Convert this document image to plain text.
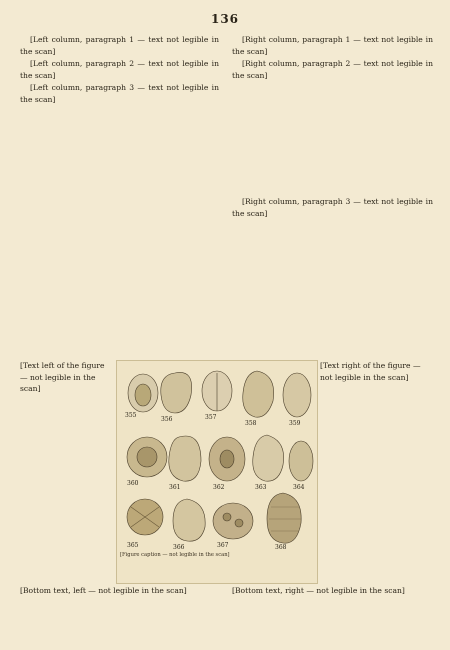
136

[Left column, paragraph 1 — text not legible in the scan]

[Left column, paragraph 2 — text not legible in the scan]

[Left column, paragraph 3 — text not legible in the scan]

[Right column, paragraph 1 — text not legible in the scan]

[Right column, paragraph 2 — text not legible in the scan]

[Right column, paragraph 3 — text not legible in the scan]

[Text left of the figure — not legible in the scan]
[Text right of the figure — not legible in the scan]
355
356	357
358	359
360
361	362	363	364
365	366	367	368
[Figure caption — not legible in the scan]
[Bottom text, left — not legible in the scan]	[Bottom text, right — not legible in the scan]
